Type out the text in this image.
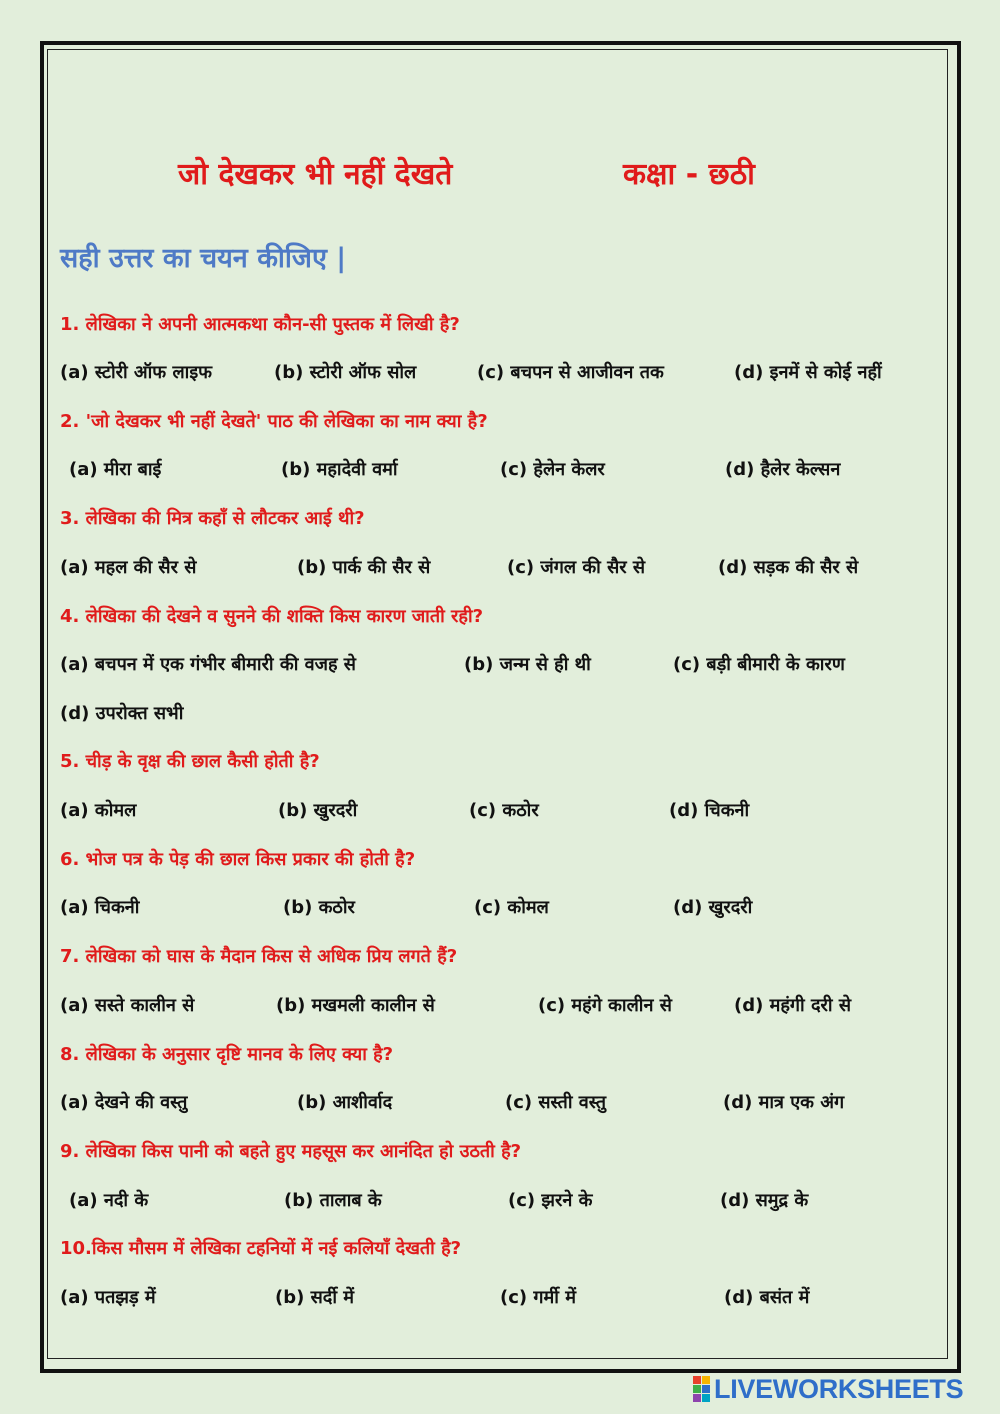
जो देखकर भी नहीं देखते	कक्षा - छठी
सही उत्तर का चयन कीजिए |
1. लेखिका ने अपनी आत्मकथा कौन-सी पुस्तक में लिखी है?
(a) स्टोरी ऑफ लाइफ	(b) स्टोरी ऑफ सोल	(c) बचपन से आजीवन तक	(d) इनमें से कोई नहीं
2. 'जो देखकर भी नहीं देखते' पाठ की लेखिका का नाम क्या है?
(a) मीरा बाई	(b) महादेवी वर्मा	(c) हेलेन केलर	(d) हैलेर केल्सन
3. लेखिका की मित्र कहाँ से लौटकर आई थी?
(a) महल की सैर से	(b) पार्क की सैर से	(c) जंगल की सैर से	(d) सड़क की सैर से
4. लेखिका की देखने व सुनने की शक्ति किस कारण जाती रही?
(a) बचपन में एक गंभीर बीमारी की वजह से	(b) जन्म से ही थी	(c) बड़ी बीमारी के कारण
(d) उपरोक्त सभी
5. चीड़ के वृक्ष की छाल कैसी होती है?
(a) कोमल	(b) खुरदरी	(c) कठोर	(d) चिकनी
6. भोज पत्र के पेड़ की छाल किस प्रकार की होती है?
(a) चिकनी	(b) कठोर	(c) कोमल	(d) खुरदरी
7. लेखिका को घास के मैदान किस से अधिक प्रिय लगते हैं?
(a) सस्ते कालीन से	(b) मखमली कालीन से	(c) महंगे कालीन से	(d) महंगी दरी से
8. लेखिका के अनुसार दृष्टि मानव के लिए क्या है?
(a) देखने की वस्तु	(b) आशीर्वाद	(c) सस्ती वस्तु	(d) मात्र एक अंग
9. लेखिका किस पानी को बहते हुए महसूस कर आनंदित हो उठती है?
(a) नदी के	(b) तालाब के	(c) झरने के	(d) समुद्र के
10.किस मौसम में लेखिका टहनियों में नई कलियाँ देखती है?
(a) पतझड़ में	(b) सर्दी में	(c) गर्मी में	(d) बसंत में
LIVEWORKSHEETS
